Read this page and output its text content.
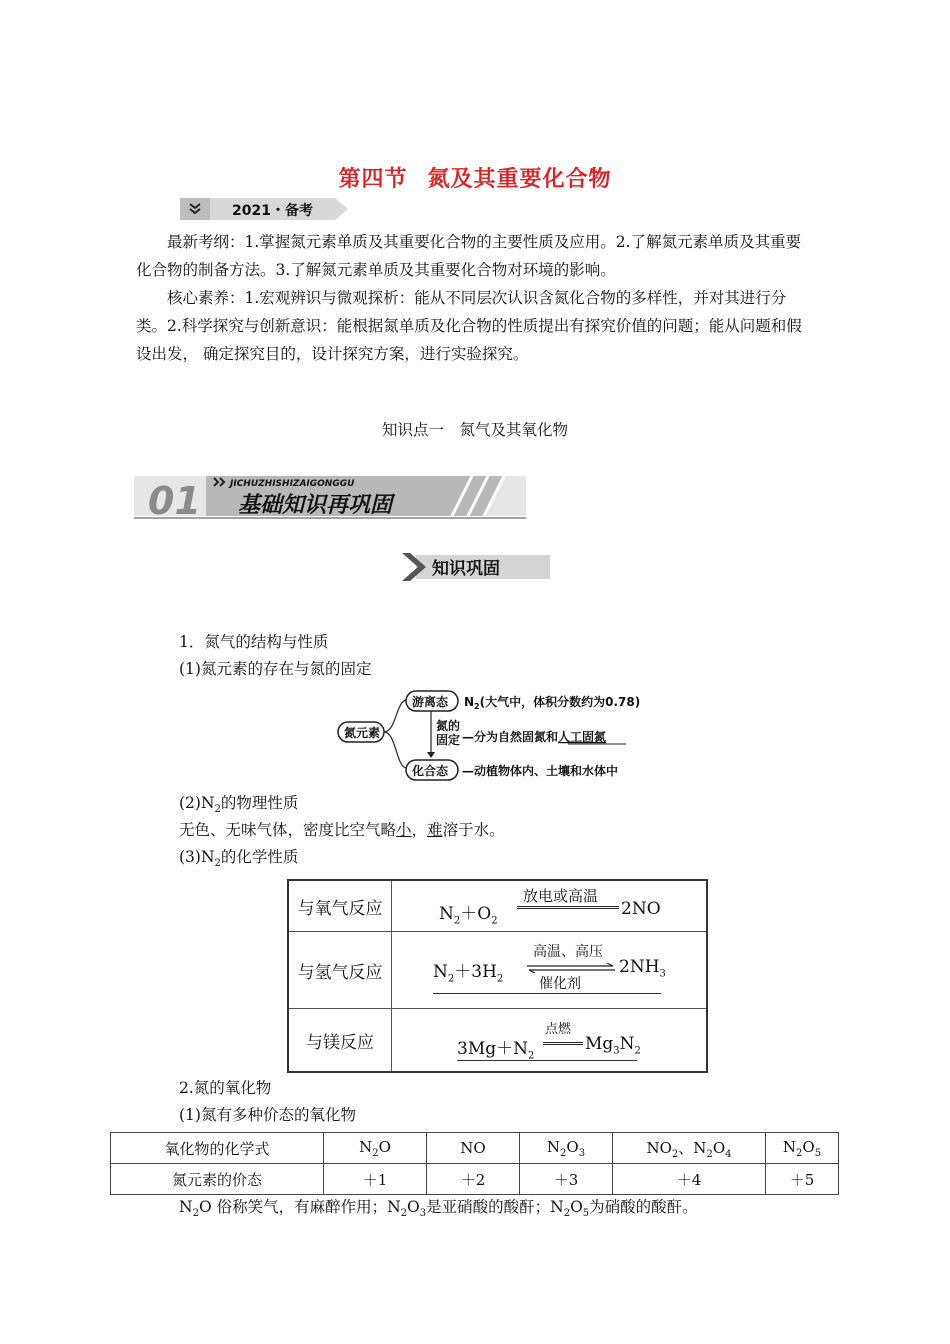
第四节 氮及其重要化合物
2021・备考
最新考纲：1.掌握氮元素单质及其重要化合物的主要性质及应用。2.了解氮元素单质及其重要化合物的制备方法。3.了解氮元素单质及其重要化合物对环境的影响。
核心素养：1.宏观辨识与微观探析：能从不同层次认识含氮化合物的多样性，并对其进行分类。2.科学探究与创新意识：能根据氮单质及化合物的性质提出有探究价值的问题；能从问题和假设出发， 确定探究目的，设计探究方案，进行实验探究。
知识点一　氮气及其氧化物
01	JICHUZHISHIZAIGONGGU
基础知识再巩固
知识巩固
1．氮气的结构与性质
(1)氮元素的存在与氮的固定
氮元素
游离态 $N_2$(大气中，体积分数约为0.78)
氮的
固定 —分为自然固氮和人工固氮
化合态 —动植物体内、土壤和水体中
$(2)N_2$的物理性质
无色、无味气体，密度比空气略小，难溶于水。
$(3)N_2$的化学性质
与氧气反应	$N_2+O_2$
放电或高温
2NO

与氢气反应	$N_2+3H_2$
高温、高压
催化剂
$2NH_3$

与镁反应	$3Mg+N_2$
点燃
$Mg_3N_2$
2.氮的氧化物
(1)氮有多种价态的氧化物
氧化物的化学式	$N_2O$	NO	$N_2O_3$	$NO_2$、$N_2O_4$	$N_2O_5$
氮元素的价态	＋1	＋2	＋3	＋4	＋5
$N_2O$ 俗称笑气，有麻醉作用；$N_2O_3$是亚硝酸的酸酐；$N_2O_5$为硝酸的酸酐。
